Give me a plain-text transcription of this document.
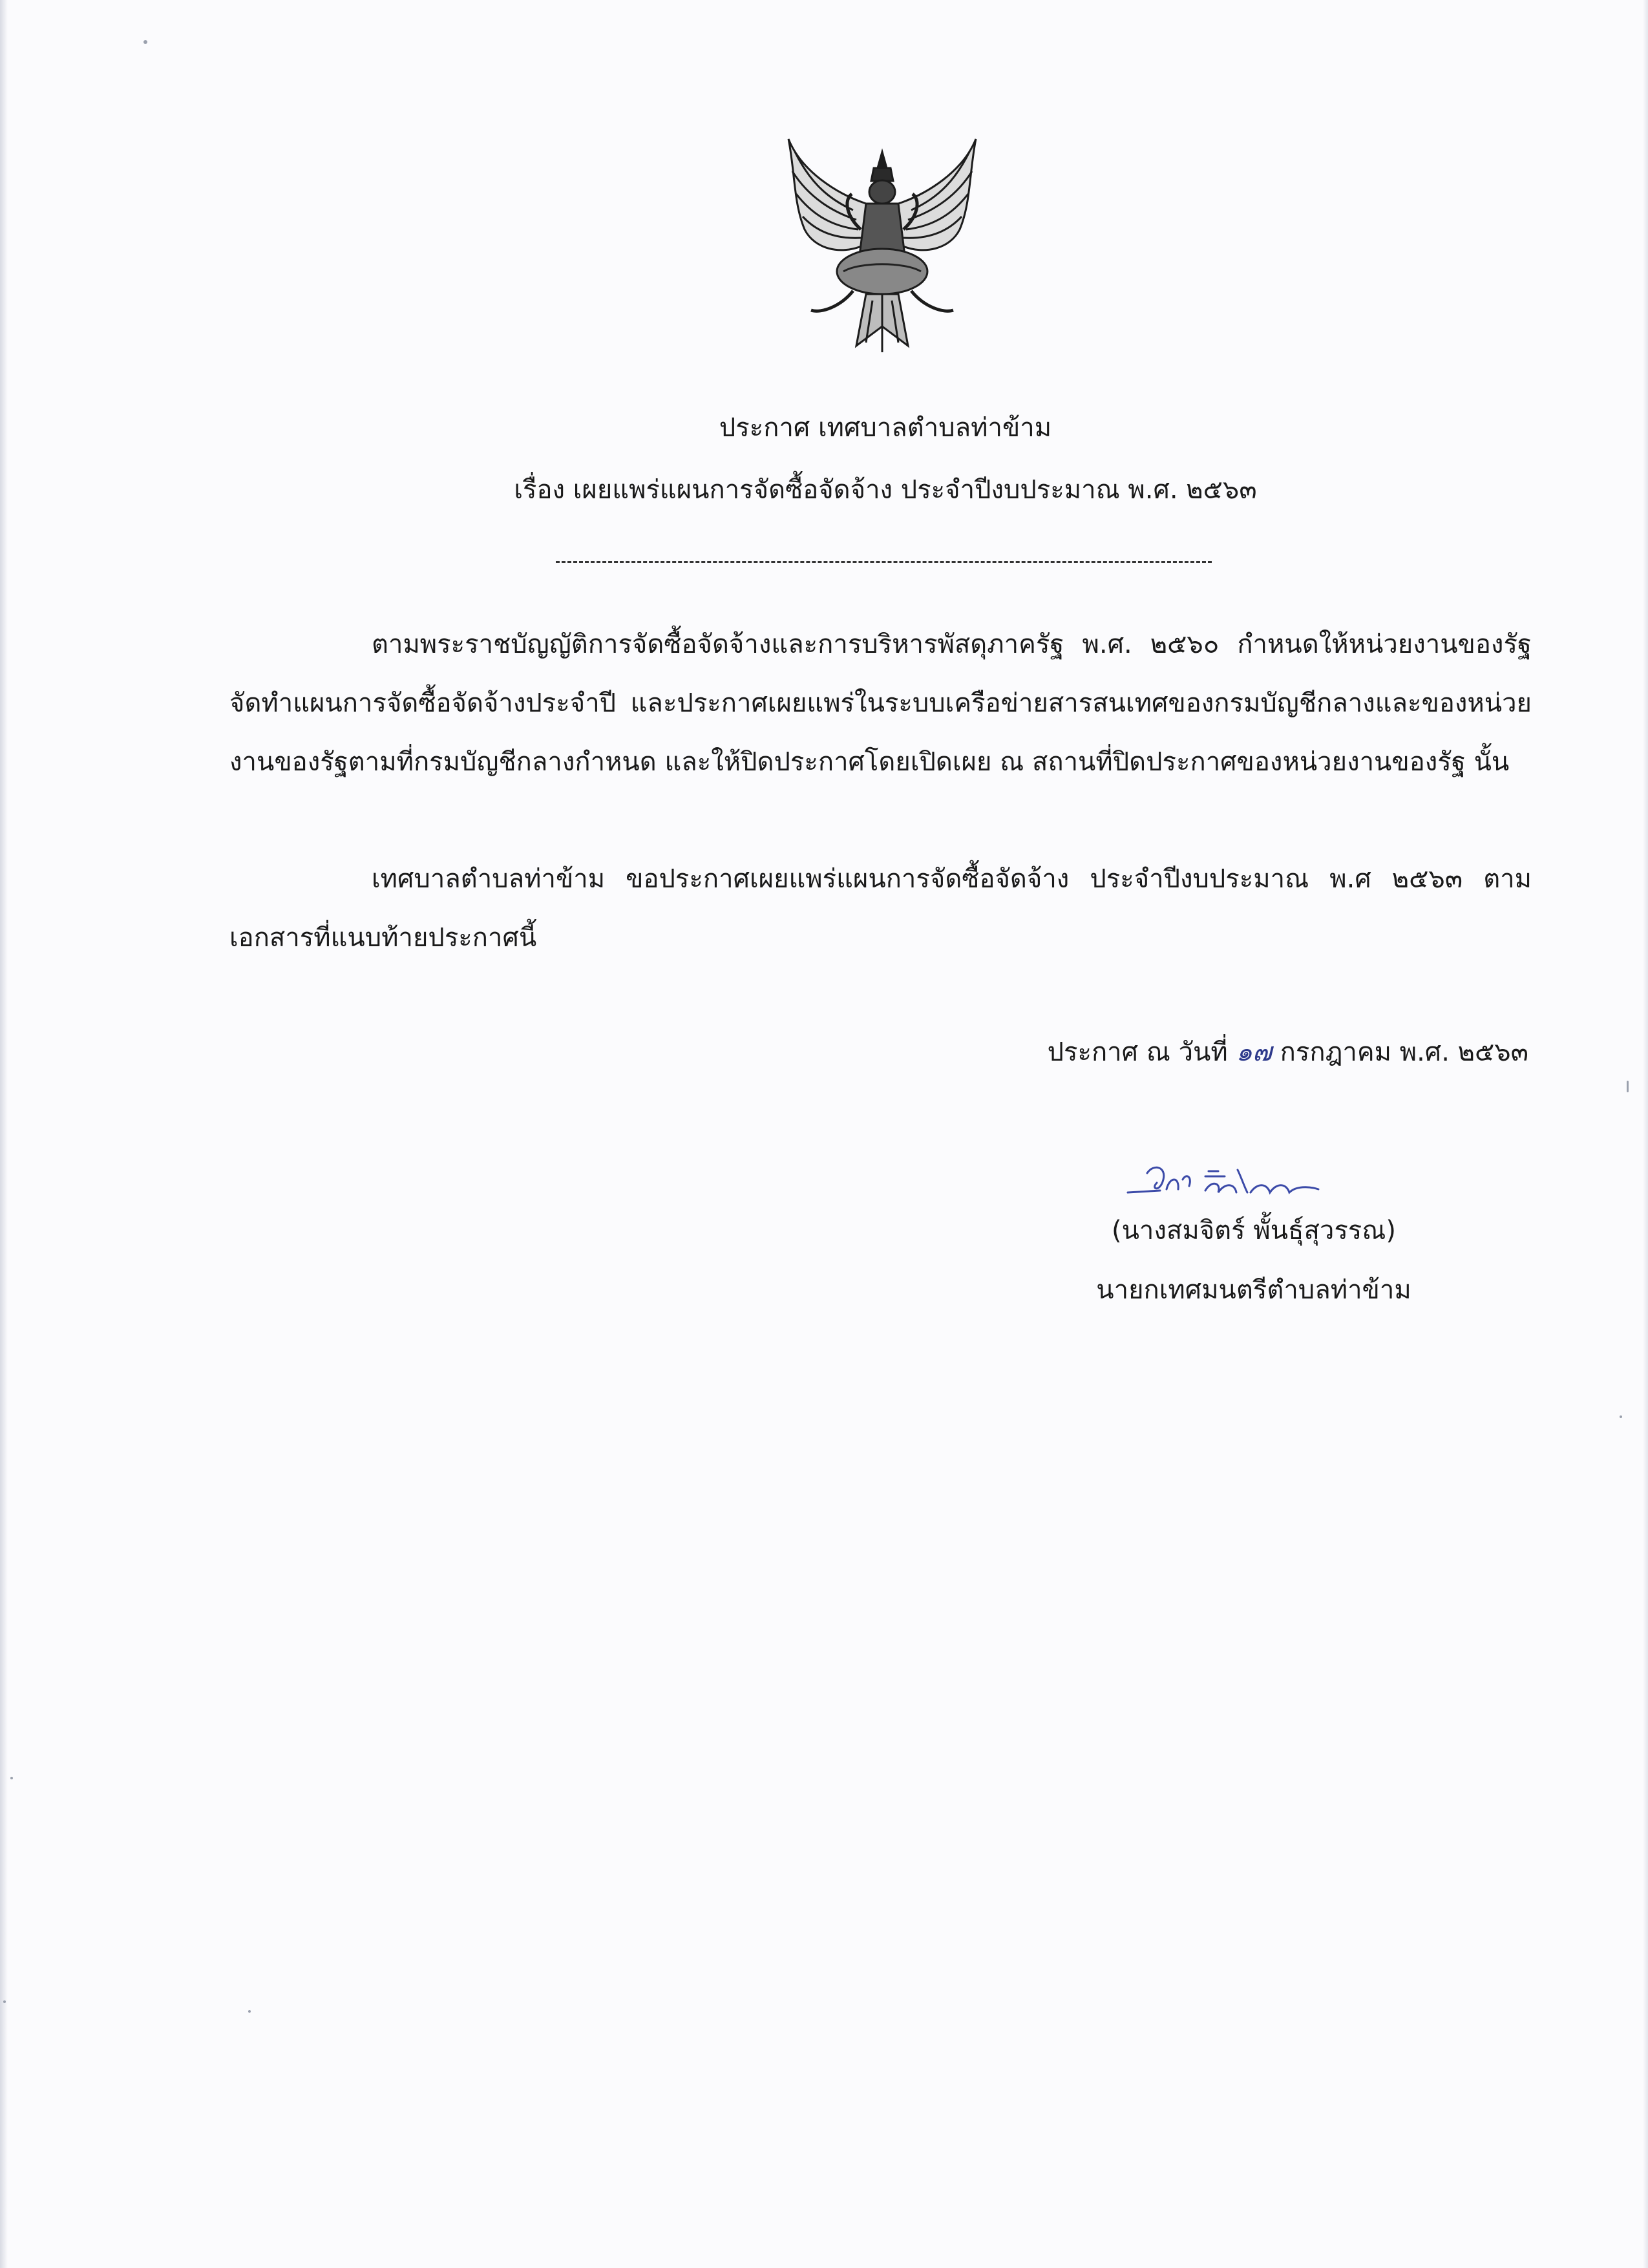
ประกาศ เทศบาลตำบลท่าข้าม
เรื่อง เผยแพร่แผนการจัดซื้อจัดจ้าง ประจำปีงบประมาณ พ.ศ. ๒๕๖๓
ตามพระราชบัญญัติการจัดซื้อจัดจ้างและการบริหารพัสดุภาครัฐ พ.ศ. ๒๕๖๐ กำหนดให้หน่วยงานของรัฐจัดทำแผนการจัดซื้อจัดจ้างประจำปี และประกาศเผยแพร่ในระบบเครือข่ายสารสนเทศของกรมบัญชีกลางและของหน่วยงานของรัฐตามที่กรมบัญชีกลางกำหนด และให้ปิดประกาศโดยเปิดเผย ณ สถานที่ปิดประกาศของหน่วยงานของรัฐ นั้น
เทศบาลตำบลท่าข้าม ขอประกาศเผยแพร่แผนการจัดซื้อจัดจ้าง ประจำปีงบประมาณ พ.ศ ๒๕๖๓ ตามเอกสารที่แนบท้ายประกาศนี้
ประกาศ ณ วันที่ ๑๗ กรกฎาคม พ.ศ. ๒๕๖๓
(นางสมจิตร์ พั้นธุ์สุวรรณ)
นายกเทศมนตรีตำบลท่าข้าม
